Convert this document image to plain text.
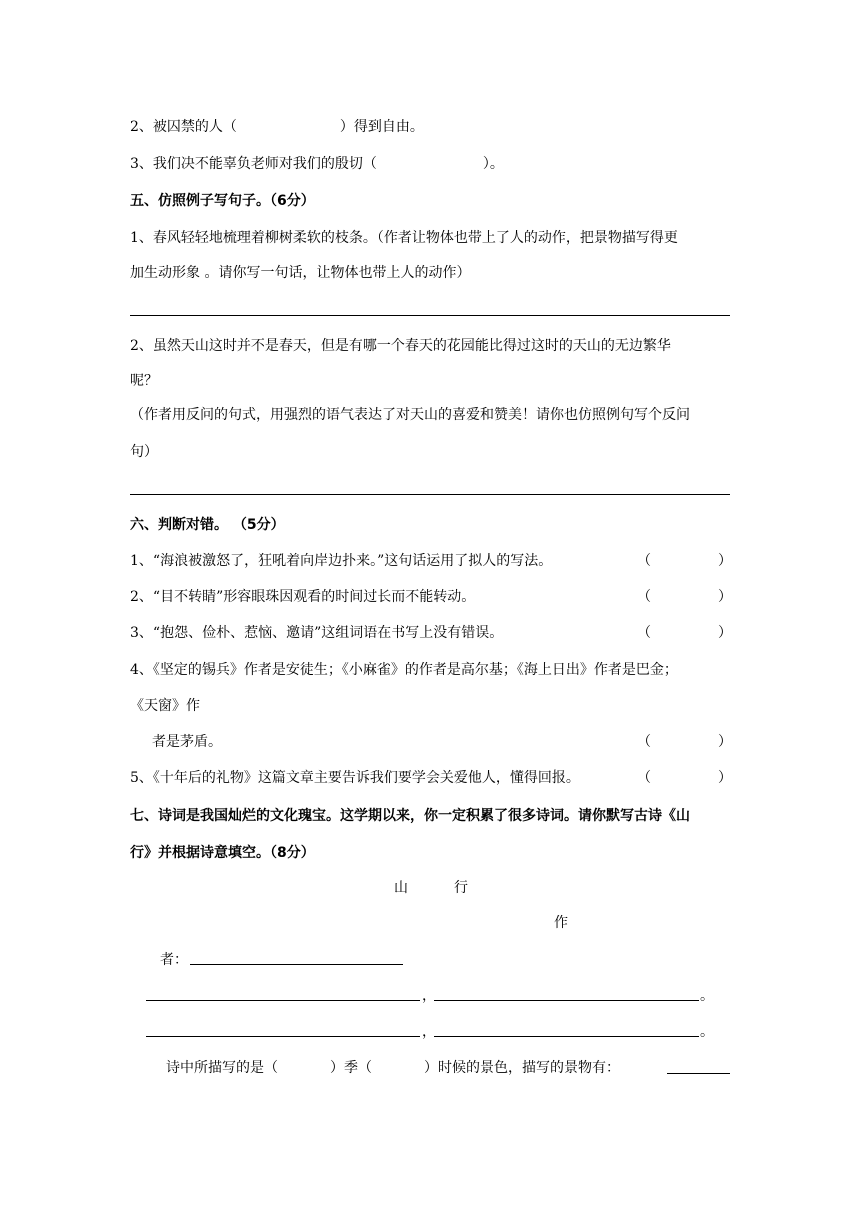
2、被囚禁的人（	）得到自由。
3、我们决不能辜负老师对我们的殷切（	）。
五、仿照例子写句子。（6分）
1、春风轻轻地梳理着柳树柔软的枝条。（作者让物体也带上了人的动作，把景物描写得更
加生动形象 。请你写一句话，让物体也带上人的动作）
2、虽然天山这时并不是春天，但是有哪一个春天的花园能比得过这时的天山的无边繁华
呢？
（作者用反问的句式，用强烈的语气表达了对天山的喜爱和赞美！请你也仿照例句写个反问
句）
六、判断对错。 （5分）
1、“海浪被激怒了，狂吼着向岸边扑来。”这句话运用了拟人的写法。	（	）
2、“目不转睛”形容眼珠因观看的时间过长而不能转动。	（	）
3、“抱怨、俭朴、惹恼、邀请”这组词语在书写上没有错误。	（	）
4、《坚定的锡兵》作者是安徒生；《小麻雀》的作者是高尔基；《海上日出》作者是巴金；
《天窗》作
者是茅盾。	（	）
5、《十年后的礼物》这篇文章主要告诉我们要学会关爱他人，懂得回报。	（	）
七、诗词是我国灿烂的文化瑰宝。这学期以来，你一定积累了很多诗词。请你默写古诗《山
行》并根据诗意填空。（8分）
山	行
作
者：
，	。
，	。
诗中所描写的是（	）季（	）时候的景色，描写的景物有：
